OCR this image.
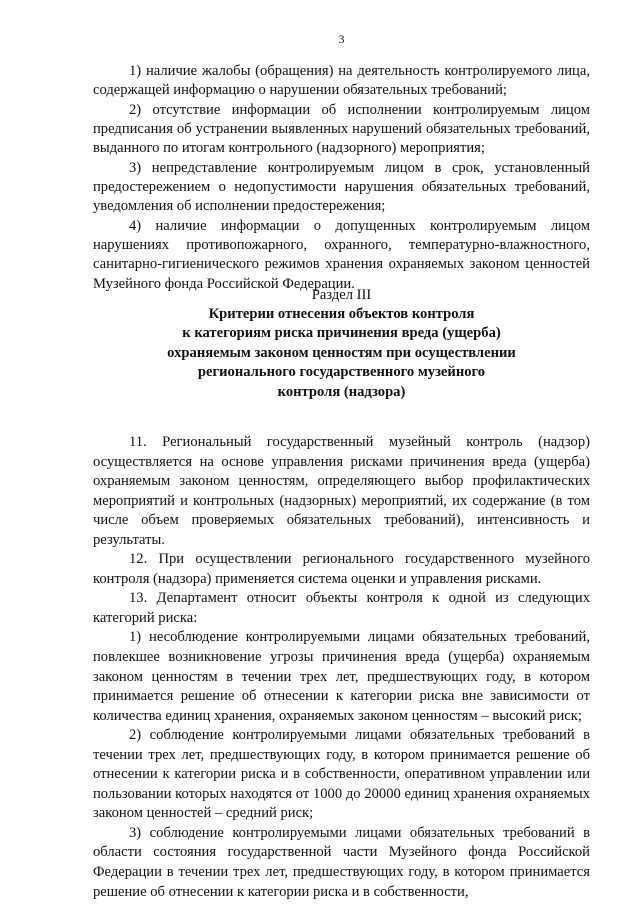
3

1) наличие жалобы (обращения) на деятельность контролируемого лица, содержащей информацию о нарушении обязательных требований;

2) отсутствие информации об исполнении контролируемым лицом предписания об устранении выявленных нарушений обязательных требований, выданного по итогам контрольного (надзорного) мероприятия;

3) непредставление контролируемым лицом в срок, установленный предостережением о недопустимости нарушения обязательных требований, уведомления об исполнении предостережения;

4) наличие информации о допущенных контролируемым лицом нарушениях противопожарного, охранного, температурно-влажностного, санитарно-гигиенического режимов хранения охраняемых законом ценностей Музейного фонда Российской Федерации.

Раздел III
Критерии отнесения объектов контроля
к категориям риска причинения вреда (ущерба)
охраняемым законом ценностям при осуществлении
регионального государственного музейного
контроля (надзора)

11. Региональный государственный музейный контроль (надзор) осуществляется на основе управления рисками причинения вреда (ущерба) охраняемым законом ценностям, определяющего выбор профилактических мероприятий и контрольных (надзорных) мероприятий, их содержание (в том числе объем проверяемых обязательных требований), интенсивность и результаты.

12. При осуществлении регионального государственного музейного контроля (надзора) применяется система оценки и управления рисками.

13. Департамент относит объекты контроля к одной из следующих категорий риска:

1) несоблюдение контролируемыми лицами обязательных требований, повлекшее возникновение угрозы причинения вреда (ущерба) охраняемым законом ценностям в течении трех лет, предшествующих году, в котором принимается решение об отнесении к категории риска вне зависимости от количества единиц хранения, охраняемых законом ценностям – высокий риск;

2) соблюдение контролируемыми лицами обязательных требований в течении трех лет, предшествующих году, в котором принимается решение об отнесении к категории риска и в собственности, оперативном управлении или пользовании которых находятся от 1000 до 20000 единиц хранения охраняемых законом ценностей – средний риск;

3) соблюдение контролируемыми лицами обязательных требований в области состояния государственной части Музейного фонда Российской Федерации в течении трех лет, предшествующих году, в котором принимается решение об отнесении к категории риска и в собственности,
